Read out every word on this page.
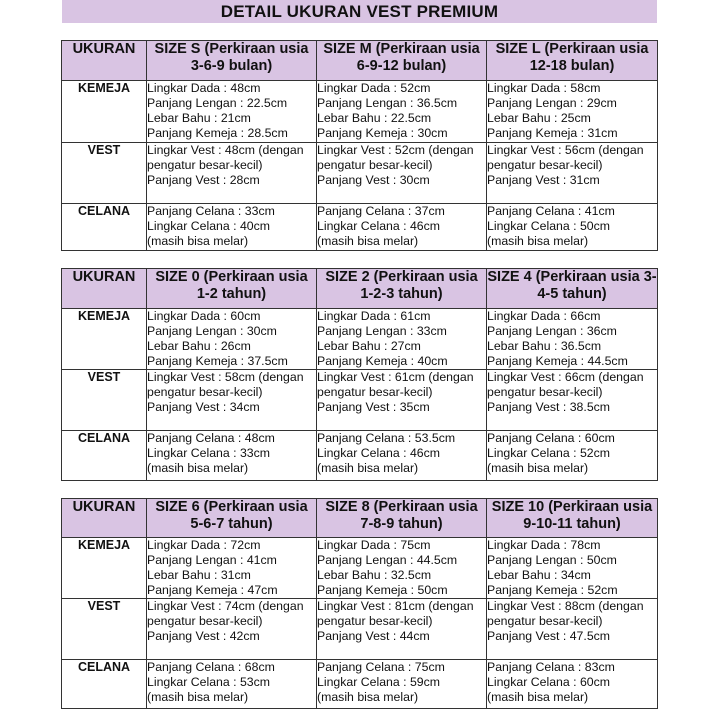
DETAIL UKURAN VEST PREMIUM
UKURAN	SIZE S (Perkiraan usia 3-6-9 bulan)	SIZE M (Perkiraan usia 6-9-12 bulan)	SIZE L (Perkiraan usia 12-18 bulan)
KEMEJA	Lingkar Dada : 48cm
Panjang Lengan : 22.5cm
Lebar Bahu : 21cm
Panjang Kemeja : 28.5cm	Lingkar Dada : 52cm
Panjang Lengan : 36.5cm
Lebar Bahu : 22.5cm
Panjang Kemeja : 30cm	Lingkar Dada : 58cm
Panjang Lengan : 29cm
Lebar Bahu : 25cm
Panjang Kemeja : 31cm

VEST	Lingkar Vest : 48cm (dengan pengatur besar-kecil)
Panjang Vest : 28cm	Lingkar Vest : 52cm (dengan pengatur besar-kecil)
Panjang Vest : 30cm	Lingkar Vest : 56cm (dengan pengatur besar-kecil)
Panjang Vest : 31cm

CELANA	Panjang Celana : 33cm
Lingkar Celana : 40cm
(masih bisa melar)	Panjang Celana : 37cm
Lingkar Celana : 46cm
(masih bisa melar)	Panjang Celana : 41cm
Lingkar Celana : 50cm
(masih bisa melar)
UKURAN	SIZE 0 (Perkiraan usia 1-2 tahun)	SIZE 2 (Perkiraan usia 1-2-3 tahun)	SIZE 4 (Perkiraan usia 3-4-5 tahun)
KEMEJA	Lingkar Dada : 60cm
Panjang Lengan : 30cm
Lebar Bahu : 26cm
Panjang Kemeja : 37.5cm	Lingkar Dada : 61cm
Panjang Lengan : 33cm
Lebar Bahu : 27cm
Panjang Kemeja : 40cm	Lingkar Dada : 66cm
Panjang Lengan : 36cm
Lebar Bahu : 36.5cm
Panjang Kemeja : 44.5cm

VEST	Lingkar Vest : 58cm (dengan pengatur besar-kecil)
Panjang Vest : 34cm	Lingkar Vest : 61cm (dengan pengatur besar-kecil)
Panjang Vest : 35cm	Lingkar Vest : 66cm (dengan pengatur besar-kecil)
Panjang Vest : 38.5cm

CELANA	Panjang Celana : 48cm
Lingkar Celana : 33cm
(masih bisa melar)	Panjang Celana : 53.5cm
Lingkar Celana : 46cm
(masih bisa melar)	Panjang Celana : 60cm
Lingkar Celana : 52cm
(masih bisa melar)
UKURAN	SIZE 6 (Perkiraan usia 5-6-7 tahun)	SIZE 8 (Perkiraan usia 7-8-9 tahun)	SIZE 10 (Perkiraan usia 9-10-11 tahun)
KEMEJA	Lingkar Dada : 72cm
Panjang Lengan : 41cm
Lebar Bahu : 31cm
Panjang Kemeja : 47cm	Lingkar Dada : 75cm
Panjang Lengan : 44.5cm
Lebar Bahu : 32.5cm
Panjang Kemeja : 50cm	Lingkar Dada : 78cm
Panjang Lengan : 50cm
Lebar Bahu : 34cm
Panjang Kemeja : 52cm

VEST	Lingkar Vest : 74cm (dengan pengatur besar-kecil)
Panjang Vest : 42cm	Lingkar Vest : 81cm (dengan pengatur besar-kecil)
Panjang Vest : 44cm	Lingkar Vest : 88cm (dengan pengatur besar-kecil)
Panjang Vest : 47.5cm

CELANA	Panjang Celana : 68cm
Lingkar Celana : 53cm
(masih bisa melar)	Panjang Celana : 75cm
Lingkar Celana : 59cm
(masih bisa melar)	Panjang Celana : 83cm
Lingkar Celana : 60cm
(masih bisa melar)
